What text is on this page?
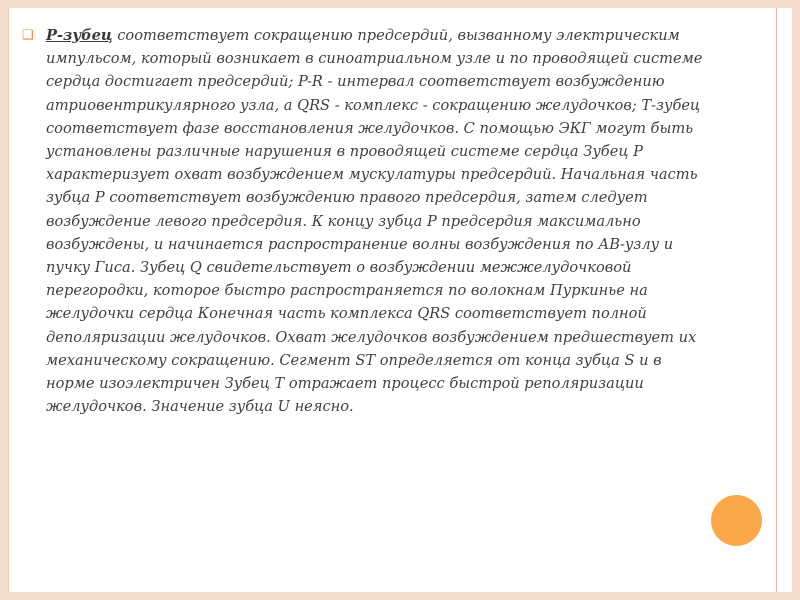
❑ Р-зубец соответствует сокращению предсердий, вызванному электрическим
импульсом, который возникает в синоатриальном узле и по проводящей системе
сердца достигает предсердий; P-R - интервал соответствует возбуждению
атриовентрикулярного узла, а QRS - комплекс - сокращению желудочков; Т-зубец
соответствует фазе восстановления желудочков. С помощью ЭКГ могут быть
установлены различные нарушения в проводящей системе сердца Зубец Р
характеризует охват возбуждением мускулатуры предсердий. Начальная часть
зубца Р соответствует возбуждению правого предсердия, затем следует
возбуждение левого предсердия. К концу зубца Р предсердия максимально
возбуждены, и начинается распространение волны возбуждения по АВ-узлу и
пучку Гиса. Зубец Q свидетельствует о возбуждении межжелудочковой
перегородки, которое быстро распространяется по волокнам Пуркинье на
желудочки сердца Конечная часть комплекса QRS соответствует полной
деполяризации желудочков. Охват желудочков возбуждением предшествует их
механическому сокращению. Сегмент ST определяется от конца зубца S и в
норме изоэлектричен Зубец Т отражает процесс быстрой реполяризации
желудочков. Значение зубца U неясно.
